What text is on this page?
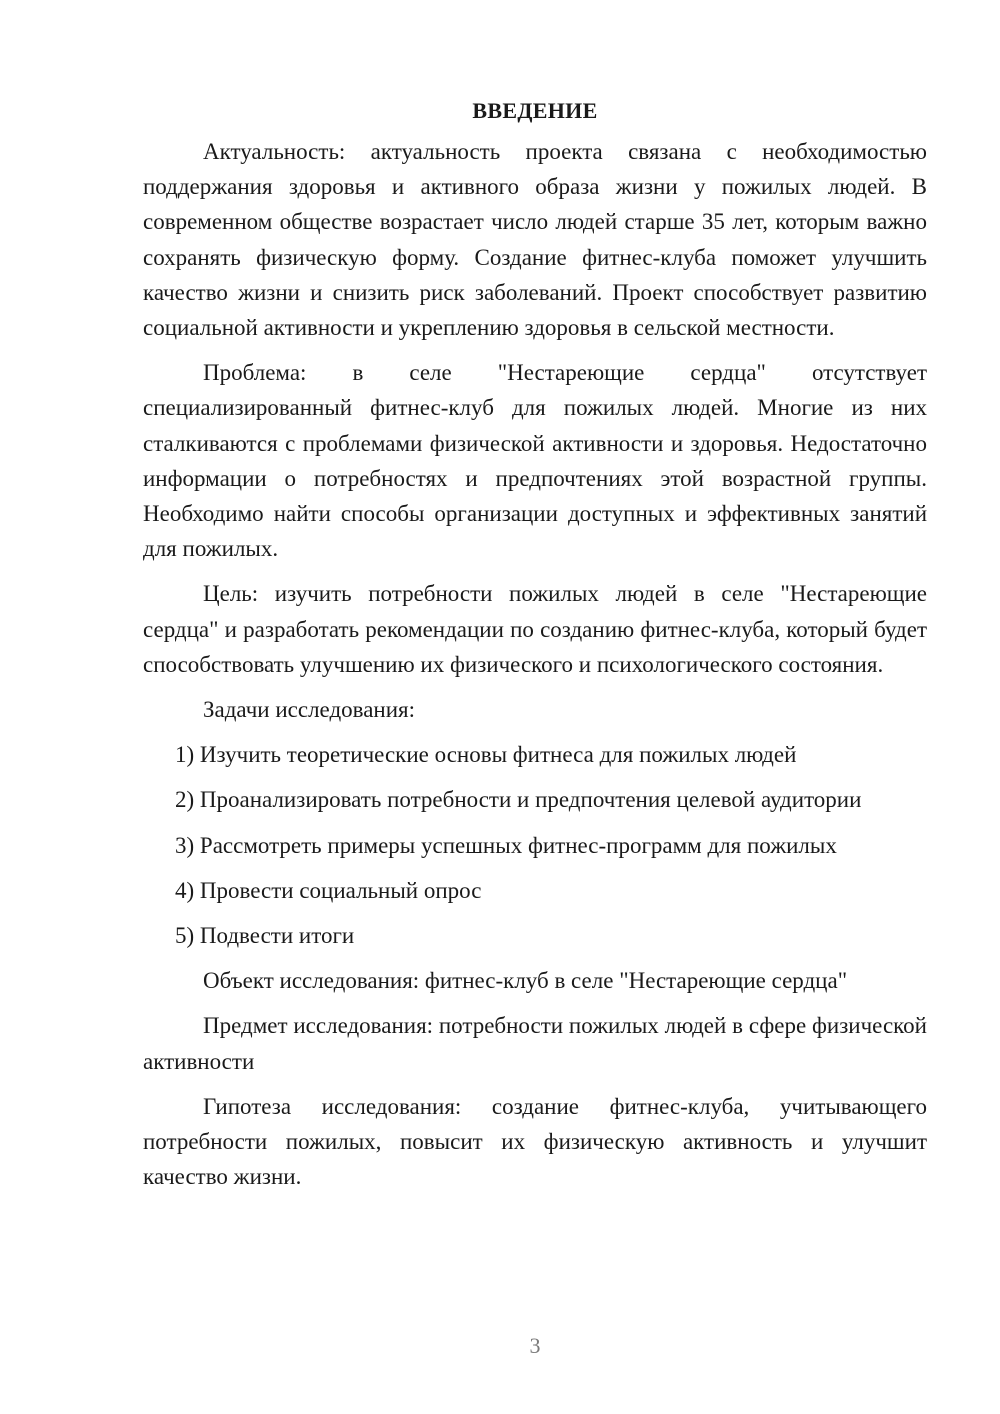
ВВЕДЕНИЕ

Актуальность: актуальность проекта связана с необходимостью поддержания здоровья и активного образа жизни у пожилых людей. В современном обществе возрастает число людей старше 35 лет, которым важно сохранять физическую форму. Создание фитнес-клуба поможет улучшить качество жизни и снизить риск заболеваний. Проект способствует развитию социальной активности и укреплению здоровья в сельской местности.

Проблема: в селе "Нестареющие сердца" отсутствует специализированный фитнес-клуб для пожилых людей. Многие из них сталкиваются с проблемами физической активности и здоровья. Недостаточно информации о потребностях и предпочтениях этой возрастной группы. Необходимо найти способы организации доступных и эффективных занятий для пожилых.

Цель: изучить потребности пожилых людей в селе "Нестареющие сердца" и разработать рекомендации по созданию фитнес-клуба, который будет способствовать улучшению их физического и психологического состояния.

Задачи исследования:

1) Изучить теоретические основы фитнеса для пожилых людей
2) Проанализировать потребности и предпочтения целевой аудитории
3) Рассмотреть примеры успешных фитнес-программ для пожилых
4) Провести социальный опрос
5) Подвести итоги

Объект исследования: фитнес-клуб в селе "Нестареющие сердца"

Предмет исследования: потребности пожилых людей в сфере физической активности

Гипотеза исследования: создание фитнес-клуба, учитывающего потребности пожилых, повысит их физическую активность и улучшит качество жизни.

3
